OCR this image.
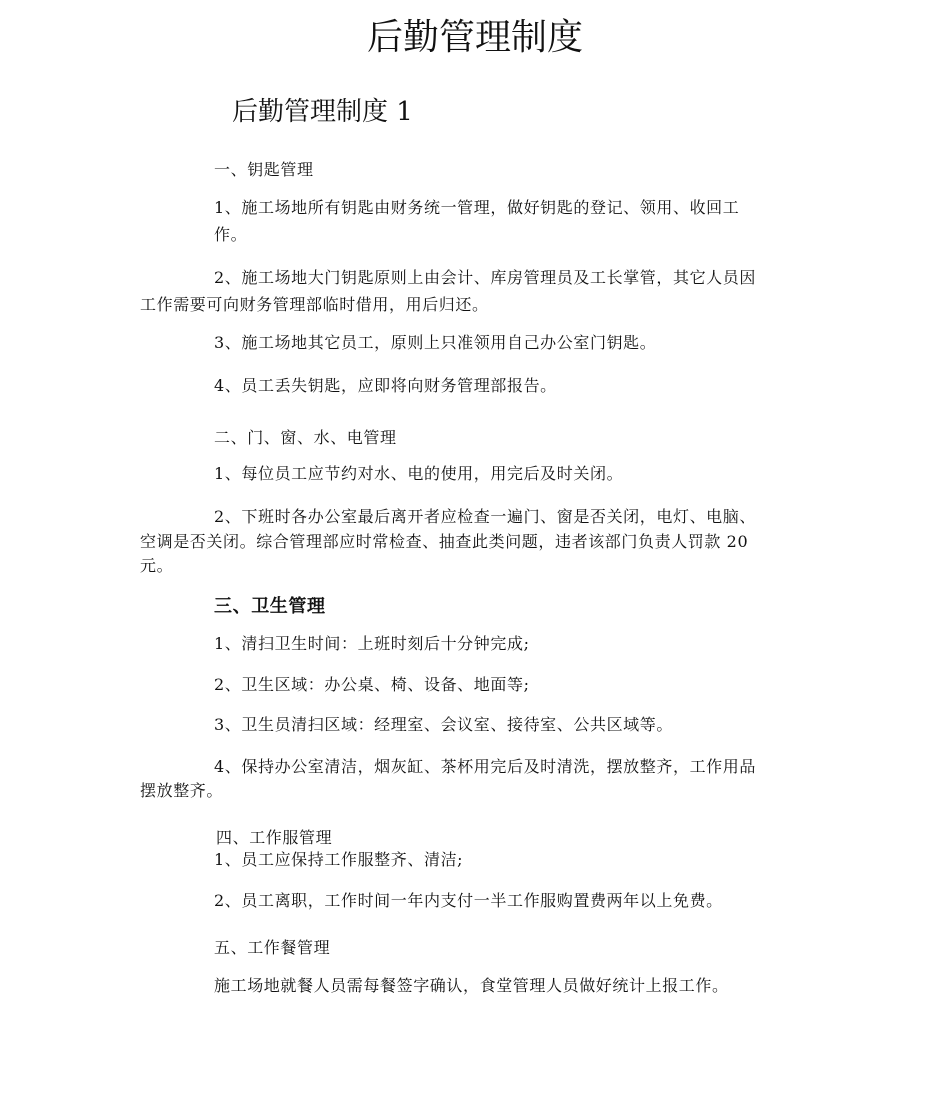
后勤管理制度
后勤管理制度 1
一、钥匙管理
1、施工场地所有钥匙由财务统一管理，做好钥匙的登记、领用、收回工
作。
2、施工场地大门钥匙原则上由会计、库房管理员及工长掌管，其它人员因
工作需要可向财务管理部临时借用，用后归还。
3、施工场地其它员工，原则上只准领用自己办公室门钥匙。
4、员工丢失钥匙，应即将向财务管理部报告。
二、门、窗、水、电管理
1、每位员工应节约对水、电的使用，用完后及时关闭。
2、下班时各办公室最后离开者应检查一遍门、窗是否关闭，电灯、电脑、
空调是否关闭。综合管理部应时常检查、抽查此类问题，违者该部门负责人罚款 20
元。
三、卫生管理
1、清扫卫生时间：上班时刻后十分钟完成;
2、卫生区域：办公桌、椅、设备、地面等;
3、卫生员清扫区域：经理室、会议室、接待室、公共区域等。
4、保持办公室清洁，烟灰缸、茶杯用完后及时清洗，摆放整齐，工作用品
摆放整齐。
四、工作服管理
1、员工应保持工作服整齐、清洁;
2、员工离职，工作时间一年内支付一半工作服购置费两年以上免费。
五、工作餐管理
施工场地就餐人员需每餐签字确认，食堂管理人员做好统计上报工作。
